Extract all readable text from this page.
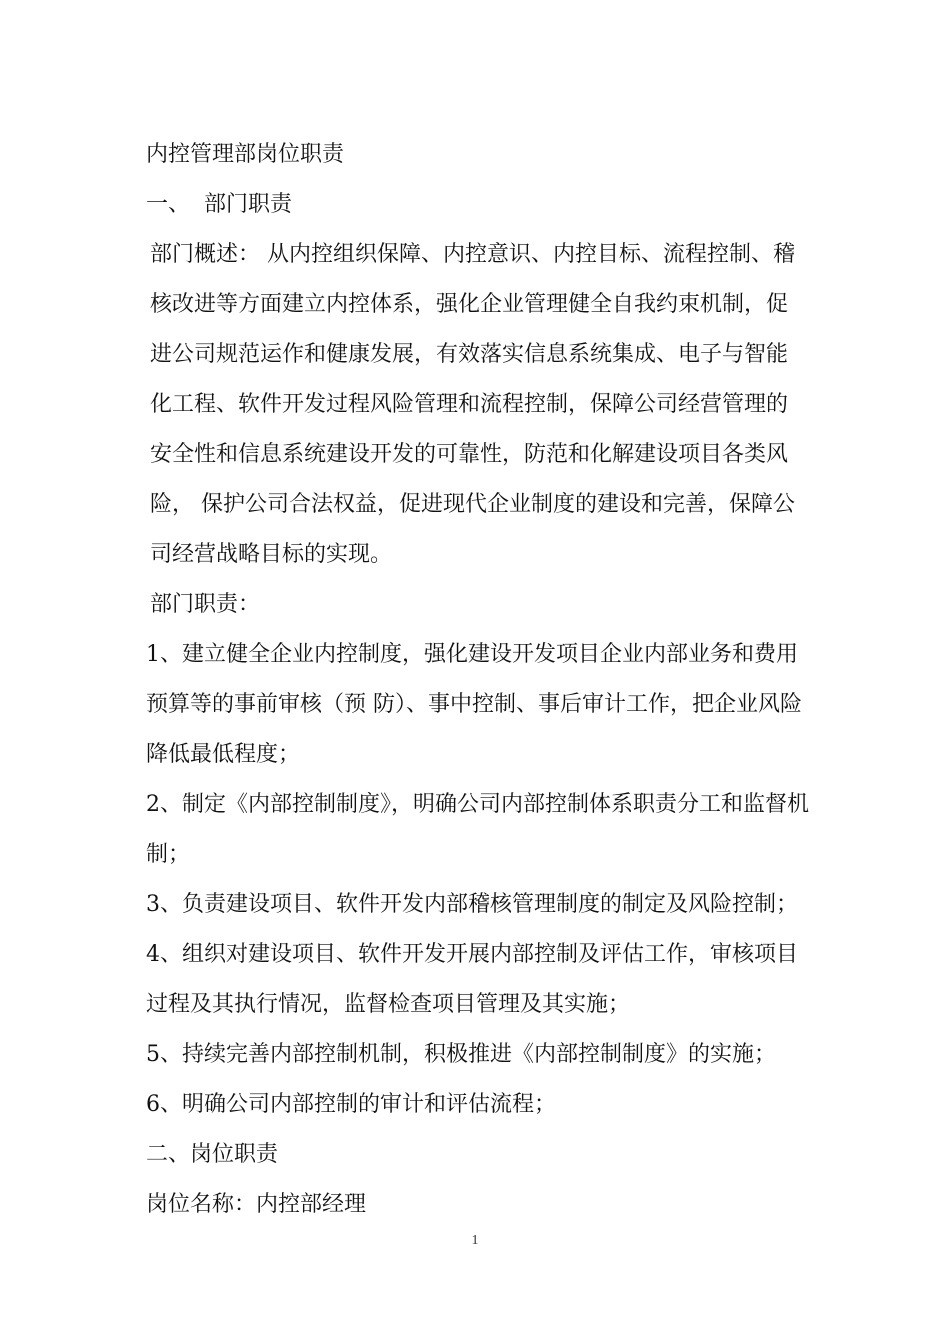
内控管理部岗位职责

一、 部门职责

部门概述： 从内控组织保障、内控意识、内控目标、流程控制、稽
核改进等方面建立内控体系，强化企业管理健全自我约束机制，促
进公司规范运作和健康发展，有效落实信息系统集成、电子与智能
化工程、软件开发过程风险管理和流程控制，保障公司经营管理的
安全性和信息系统建设开发的可靠性，防范和化解建设项目各类风
险， 保护公司合法权益，促进现代企业制度的建设和完善，保障公
司经营战略目标的实现。

部门职责：

1、建立健全企业内控制度，强化建设开发项目企业内部业务和费用
预算等的事前审核（预 防）、事中控制、事后审计工作，把企业风险
降低最低程度；
2、制定《内部控制制度》，明确公司内部控制体系职责分工和监督机
制；

3、负责建设项目、软件开发内部稽核管理制度的制定及风险控制；

4、组织对建设项目、软件开发开展内部控制及评估工作，审核项目
过程及其执行情况，监督检查项目管理及其实施；

5、持续完善内部控制机制，积极推进《内部控制制度》的实施；

6、明确公司内部控制的审计和评估流程；

二、岗位职责

岗位名称：内控部经理

1
